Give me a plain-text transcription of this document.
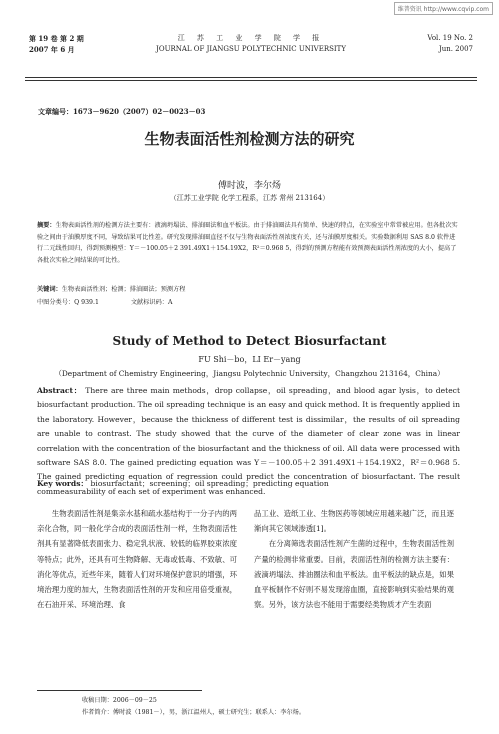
维普资讯 http://www.cqvip.com
第 19 卷 第 2 期
2007 年 6 月
江 苏 工 业 学 院 学 报
JOURNAL OF JIANGSU POLYTECHNIC UNIVERSITY
Vol. 19 No. 2
Jun. 2007
文章编号：1673－9620（2007）02－0023－03
生物表面活性剂检测方法的研究
傅时波，李尔炀
（江苏工业学院 化学工程系，江苏 常州 213164）
摘要：生物表面活性剂的检测方法主要有：液滴坍塌法、排油圈法和血平板法。由于排油圈法具有简单、快速的特点，在实验室中常常被应用。但各批次实验之间由于油膜厚度不同，导致结果可比性差。研究发现排油圈直径不仅与生物表面活性剂浓度有关，还与油膜厚度相关。实验数据利用 SAS 8.0 软件进行二元线性回归，得到预测模型：Y＝－100.05＋2 391.49X1＋154.19X2，R²＝0.968 5，得到的预测方程能有效预测表面活性剂浓度的大小，提高了各批次实验之间结果的可比性。
关键词：生物表面活性剂；检测；排油圈法；预测方程
中图分类号：Q 939.1	文献标识码：A
Study of Method to Detect Biosurfactant
FU Shi－bo，LI Er－yang
（Department of Chemistry Engineering，Jiangsu Polytechnic University，Changzhou 213164，China）
Abstract： There are three main methods，drop collapse，oil spreading，and blood agar lysis，to detect biosurfactant production. The oil spreading technique is an easy and quick method. It is frequently applied in the laboratory. However，because the thickness of different test is dissimilar，the results of oil spreading are unable to contrast. The study showed that the curve of the diameter of clear zone was in linear correlation with the concentration of the biosurfactant and the thickness of oil. All data were processed with software SAS 8.0. The gained predicting equation was Y＝－100.05＋2 391.49X1＋154.19X2，R²＝0.968 5. The gained predicting equation of regression could predict the concentration of biosurfactant. The result commeasurability of each set of experiment was enhanced.
Key words： biosurfactant；screening；oil spreading；predicting equation
生物表面活性剂是集亲水基和疏水基结构于一分子内的两亲化合物，同一般化学合成的表面活性剂一样，生物表面活性剂具有显著降低表面张力、稳定乳状液、较低的临界胶束浓度等特点；此外，还具有可生物降解、无毒或低毒、不致敏、可消化等优点，近些年来，随着人们对环境保护意识的增强，环境治理力度的加大，生物表面活性剂的开发和应用倍受重视，在石油开采、环境治理、食
品工业、造纸工业、生物医药等领域应用越来越广泛，而且逐渐向其它领域渗透[1]。
在分离筛选表面活性剂产生菌的过程中，生物表面活性剂产量的检测非常重要。目前，表面活性剂的检测方法主要有：液滴坍塌法、排油圈法和血平板法。血平板法的缺点是，如果血平板制作不好则不易发现溶血圈，直接影响到实验结果的观察。另外，该方法也不能用于需要经类物质才产生表面
收稿日期：2006－09－25
作者简介：傅时波（1981－），男，浙江温州人，硕士研究生；联系人：李尔炀。
